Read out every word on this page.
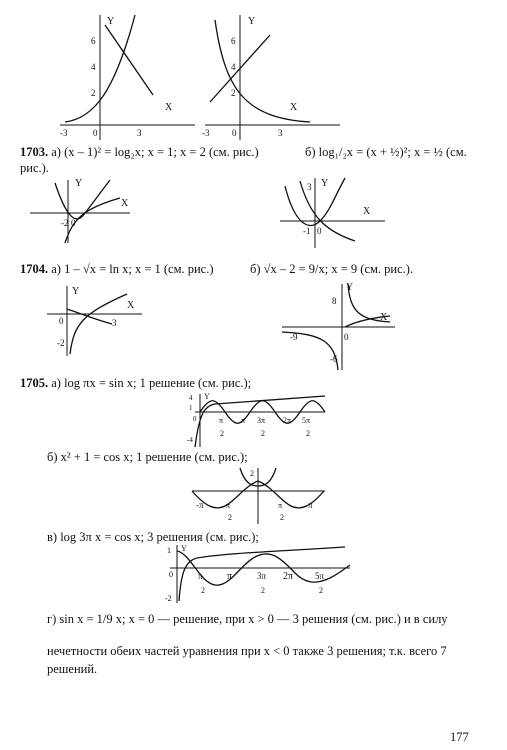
Y
X
6
4
2
-3	0	3
Y
X
6
4
2
-3	0	3
1703. а) (x – 1)² = log₂x; x = 1; x = 2 (см. рис.)	б) log₁/₂x = (x + ½)²; x = ½ (см.
рис.).
Y
X
-2 0
Y
X
3
-1 0
1704. а) 1 – √x = ln x; x = 1 (см. рис.)	б) √x – 2 = 9/x; x = 9 (см. рис.).
Y
X
0	3
-2
Y
X
8
-9	0
-6
1705. а) log πx = sin x; 1 решение (см. рис.);
Y
4
1
0
-4
π π 3π 2π 5π
2	2	2
б) x² + 1 = cos x; 1 решение (см. рис.);
2
-π	π	π	π
2	2
в) log 3π x = cos x; 3 решения (см. рис.);
Y
1
0
-2
π π	3π 2π 5π
2	2	2
г) sin x = 1/9 x; x = 0 — решение, при x > 0 — 3 решения (см. рис.) и в силу
нечетности обеих частей уравнения при x < 0 также 3 решения; т.к. всего 7
решений.
177
